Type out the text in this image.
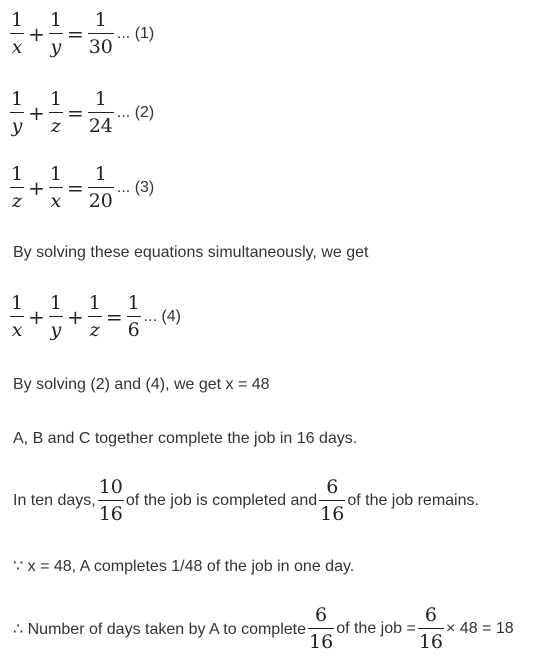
$\frac{1}{x} + \frac{1}{y} = \frac{1}{30}$ ... (1)
$\frac{1}{y} + \frac{1}{z} = \frac{1}{24}$ ... (2)
$\frac{1}{z} + \frac{1}{x} = \frac{1}{20}$ ... (3)
By solving these equations simultaneously, we get
$\frac{1}{x} + \frac{1}{y} + \frac{1}{z} = \frac{1}{6}$ ... (4)
By solving (2) and (4), we get x = 48
A, B and C together complete the job in 16 days.
In ten days, $\frac{10}{16}$ of the job is completed and $\frac{6}{16}$ of the job remains.
∵ x = 48, A completes 1/48 of the job in one day.
∴ Number of days taken by A to complete $\frac{6}{16}$ of the job = $\frac{6}{16} \times 48 = 18$
